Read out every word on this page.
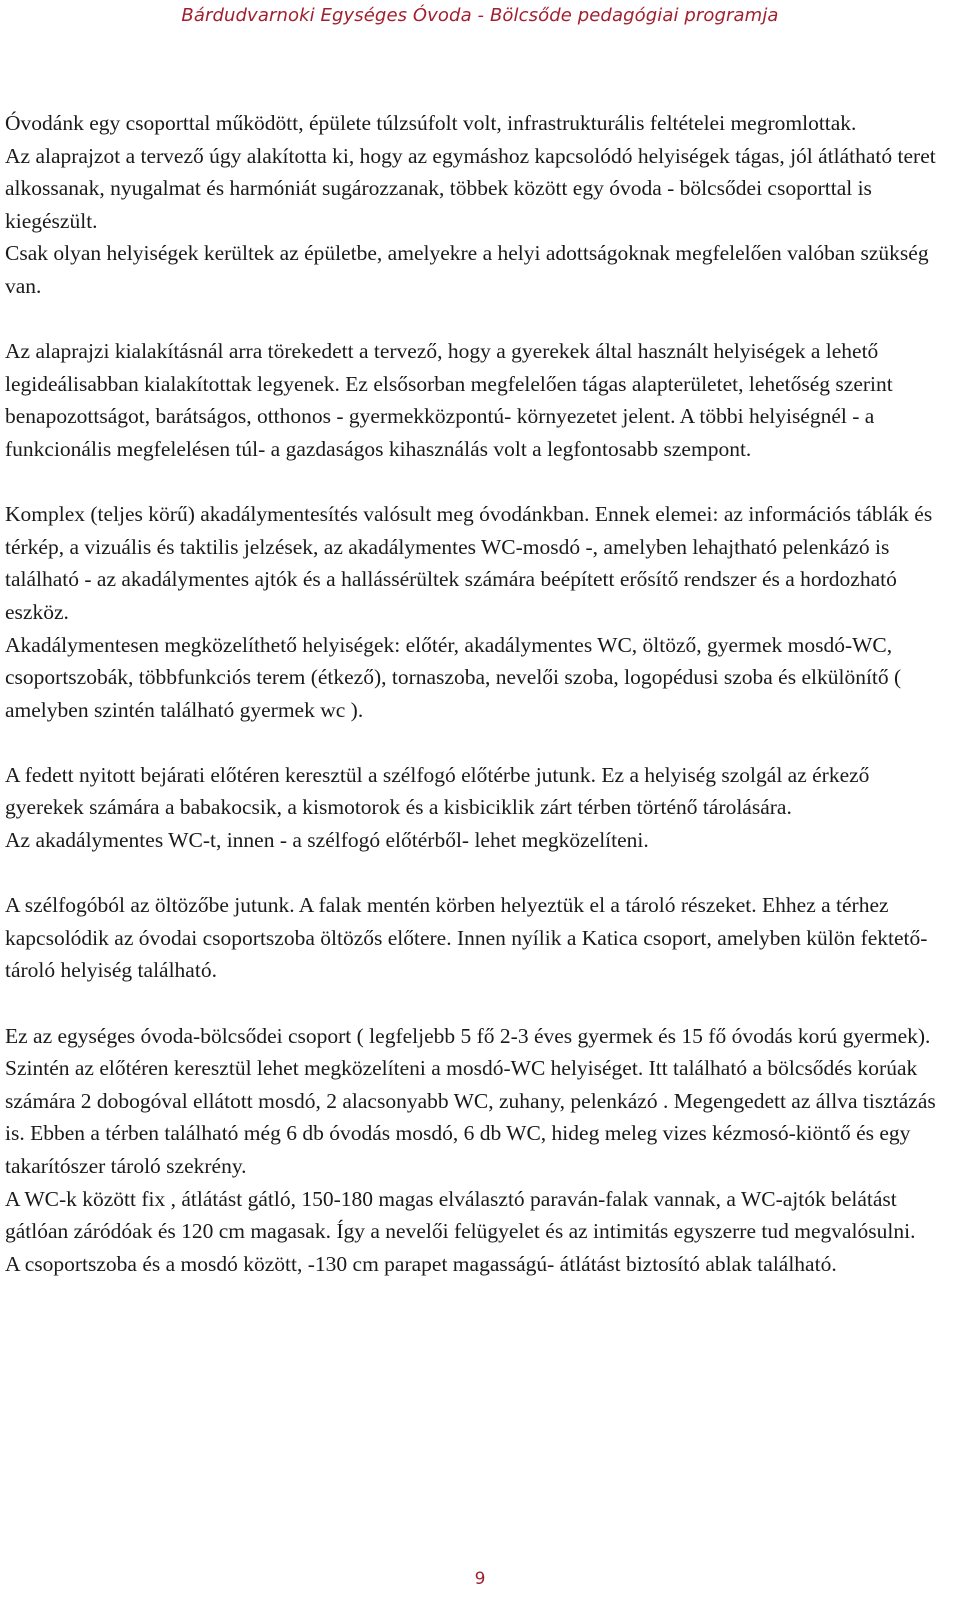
Bárdudvarnoki Egységes Óvoda - Bölcsőde pedagógiai programja

Óvodánk egy csoporttal működött, épülete túlzsúfolt volt, infrastrukturális feltételei megromlottak.

Az alaprajzot a tervező úgy alakította ki, hogy az egymáshoz kapcsolódó helyiségek tágas, jól átlátható teret alkossanak, nyugalmat és harmóniát sugározzanak, többek között egy óvoda - bölcsődei csoporttal is kiegészült.

Csak olyan helyiségek kerültek az épületbe, amelyekre a helyi adottságoknak megfelelően valóban szükség van.

Az alaprajzi kialakításnál arra törekedett a tervező, hogy a gyerekek által használt helyiségek a lehető legideálisabban kialakítottak legyenek. Ez elsősorban megfelelően tágas alapterületet, lehetőség szerint benapozottságot, barátságos, otthonos - gyermekközpontú- környezetet jelent. A többi helyiségnél - a funkcionális megfelelésen túl- a gazdaságos kihasználás volt a legfontosabb szempont.

Komplex (teljes körű) akadálymentesítés valósult meg óvodánkban. Ennek elemei: az információs táblák és térkép, a vizuális és taktilis jelzések, az akadálymentes WC-mosdó -, amelyben lehajtható pelenkázó is található - az akadálymentes ajtók és a hallássérültek számára beépített erősítő rendszer és a hordozható eszköz.

Akadálymentesen megközelíthető helyiségek: előtér, akadálymentes WC, öltöző, gyermek mosdó-WC, csoportszobák, többfunkciós terem (étkező), tornaszoba, nevelői szoba, logopédusi szoba és elkülönítő ( amelyben szintén található gyermek wc ).

A fedett nyitott bejárati előtéren keresztül a szélfogó előtérbe jutunk. Ez a helyiség szolgál az érkező gyerekek számára a babakocsik, a kismotorok és a kisbiciklik zárt térben történő tárolására.

Az akadálymentes WC-t, innen - a szélfogó előtérből- lehet megközelíteni.

A szélfogóból az öltözőbe jutunk. A falak mentén körben helyeztük el a tároló részeket. Ehhez a térhez kapcsolódik az óvodai csoportszoba öltözős előtere. Innen nyílik a Katica csoport, amelyben külön fektető-tároló helyiség található.

Ez az egységes óvoda-bölcsődei csoport ( legfeljebb 5 fő 2-3 éves gyermek és 15 fő óvodás korú gyermek). Szintén az előtéren keresztül lehet megközelíteni a mosdó-WC helyiséget. Itt található a bölcsődés korúak számára 2 dobogóval ellátott mosdó, 2 alacsonyabb WC, zuhany, pelenkázó . Megengedett az állva tisztázás is. Ebben a térben található még 6 db óvodás mosdó, 6 db WC, hideg meleg vizes kézmosó-kiöntő és egy takarítószer tároló szekrény.

A WC-k között fix , átlátást gátló, 150-180 magas elválasztó paraván-falak vannak, a WC-ajtók belátást gátlóan záródóak és 120 cm magasak. Így a nevelői felügyelet és az intimitás egyszerre tud megvalósulni.

A csoportszoba és a mosdó között, -130 cm parapet magasságú- átlátást biztosító ablak található.

9
